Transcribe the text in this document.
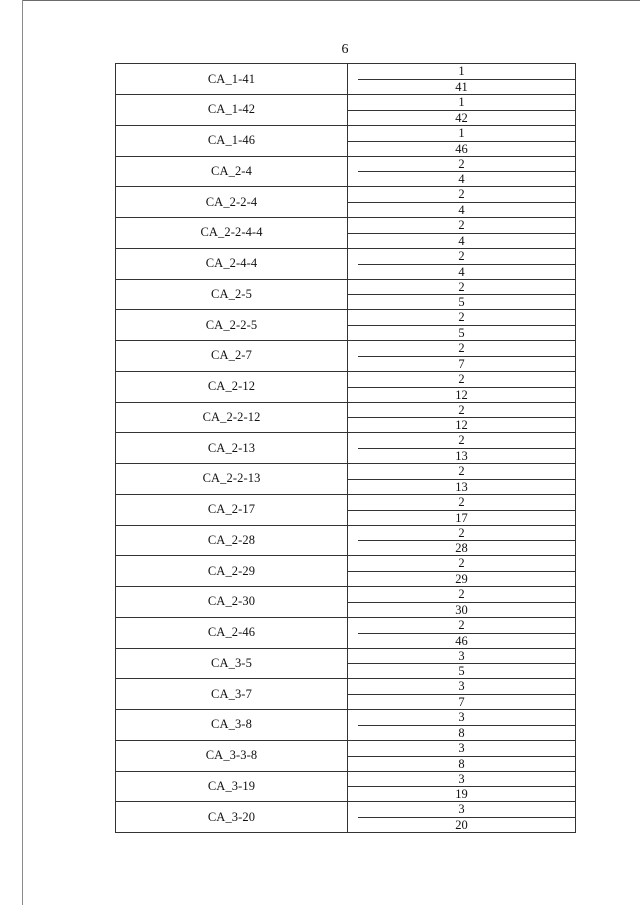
6
CA_1-41	$\frac{1}{41}$
CA_1-42	$\frac{1}{42}$
CA_1-46	$\frac{1}{46}$
CA_2-4	$\frac{2}{4}$
CA_2-2-4	$\frac{2}{4}$
CA_2-2-4-4	$\frac{2}{4}$
CA_2-4-4	$\frac{2}{4}$
CA_2-5	$\frac{2}{5}$
CA_2-2-5	$\frac{2}{5}$
CA_2-7	$\frac{2}{7}$
CA_2-12	$\frac{2}{12}$
CA_2-2-12	$\frac{2}{12}$
CA_2-13	$\frac{2}{13}$
CA_2-2-13	$\frac{2}{13}$
CA_2-17	$\frac{2}{17}$
CA_2-28	$\frac{2}{28}$
CA_2-29	$\frac{2}{29}$
CA_2-30	$\frac{2}{30}$
CA_2-46	$\frac{2}{46}$
CA_3-5	$\frac{3}{5}$
CA_3-7	$\frac{3}{7}$
CA_3-8	$\frac{3}{8}$
CA_3-3-8	$\frac{3}{8}$
CA_3-19	$\frac{3}{19}$
CA_3-20	$\frac{3}{20}$
